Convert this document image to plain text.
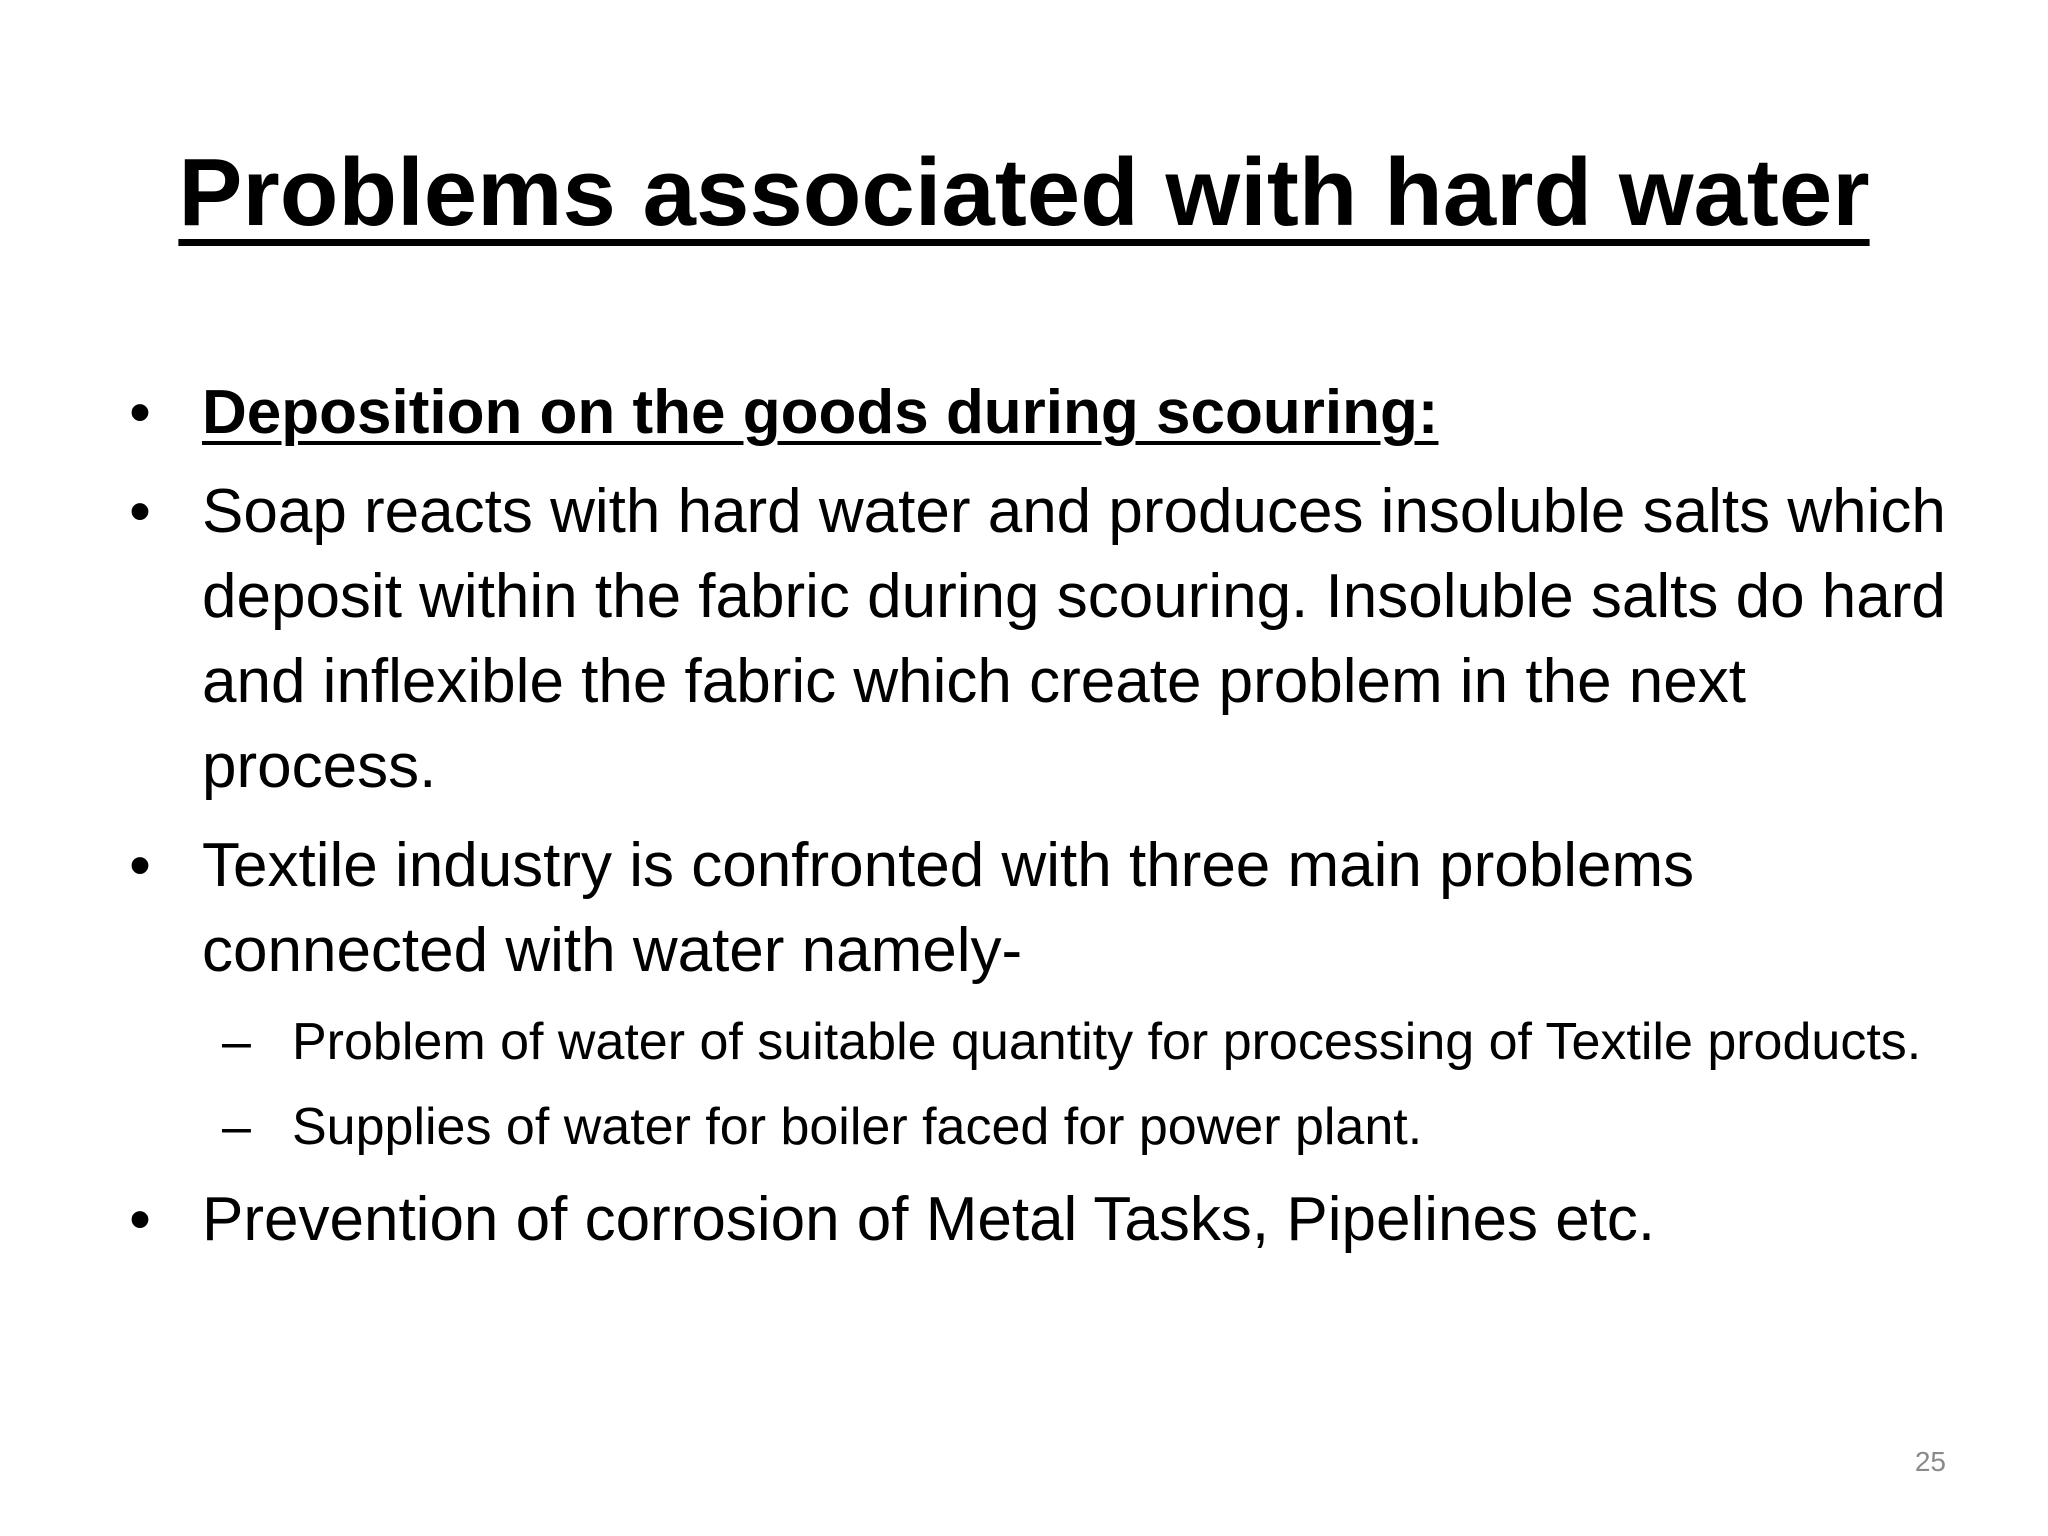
Problems associated with hard water
• Deposition on the goods during scouring:
• Soap reacts with hard water and produces insoluble salts which deposit within the fabric during scouring. Insoluble salts do hard and inflexible the fabric which create problem in the next process.
• Textile industry is confronted with three main problems connected with water namely-
– Problem of water of suitable quantity for processing of Textile products.
– Supplies of water for boiler faced for power plant.
• Prevention of corrosion of Metal Tasks, Pipelines etc.
25
